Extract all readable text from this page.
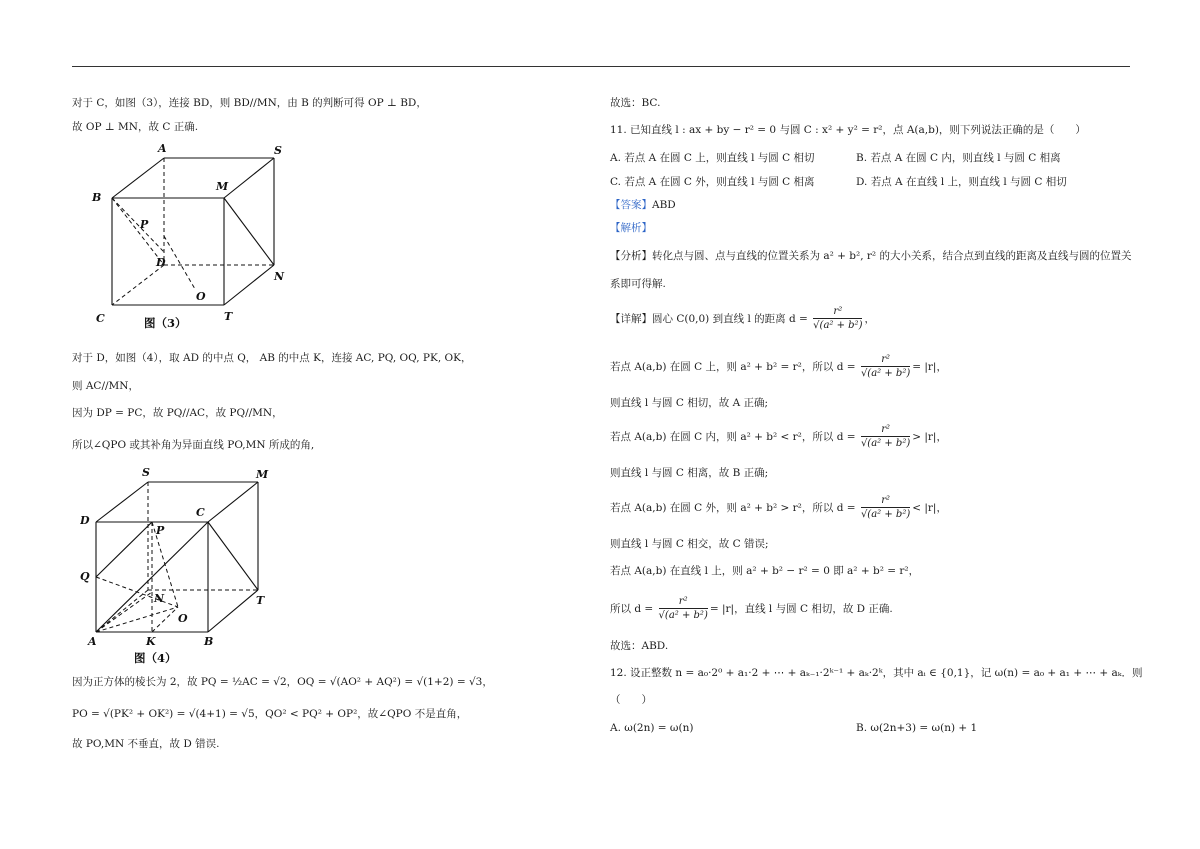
对于 C，如图（3），连接 BD，则 BD//MN，由 B 的判断可得 OP ⊥ BD，
故 OP ⊥ MN，故 C 正确.
A	S
M
B
P
D
N
O
C	T
图（3）
对于 D，如图（4），取 AD 的中点 Q， AB 的中点 K，连接 AC, PQ, OQ, PK, OK，
则 AC//MN，
因为 DP = PC，故 PQ//AC，故 PQ//MN，
所以∠QPO 或其补角为异面直线 PO,MN 所成的角,
S	M
D
C
P
Q
N	T
O
A	K	B
图（4）
因为正方体的棱长为 2，故 PQ = ½AC = √2，OQ = √(AO² + AQ²) = √(1+2) = √3，
PO = √(PK² + OK²) = √(4+1) = √5，QO² < PQ² + OP²，故∠QPO 不是直角，
故 PO,MN 不垂直，故 D 错误.
故选：BC.
11. 已知直线 l : ax + by − r² = 0 与圆 C : x² + y² = r²，点 A(a,b)，则下列说法正确的是（　　）
A. 若点 A 在圆 C 上，则直线 l 与圆 C 相切	B. 若点 A 在圆 C 内，则直线 l 与圆 C 相离
C. 若点 A 在圆 C 外，则直线 l 与圆 C 相离	D. 若点 A 在直线 l 上，则直线 l 与圆 C 相切
【答案】ABD
【解析】
【分析】转化点与圆、点与直线的位置关系为 a² + b², r² 的大小关系，结合点到直线的距离及直线与圆的位置关
系即可得解.
【详解】圆心 C(0,0) 到直线 l 的距离 $d = \frac{\text{r²}}{\text{√(a² + b²)}}$ ，
若点 A(a,b) 在圆 C 上，则 a² + b² = r²，所以 $d = \frac{\text{r²}}{\text{√(a² + b²)}} = |r|$，
则直线 l 与圆 C 相切，故 A 正确;
若点 A(a,b) 在圆 C 内，则 a² + b² < r²，所以 $d = \frac{\text{r²}}{\text{√(a² + b²)}} > |r|$，
则直线 l 与圆 C 相离，故 B 正确;
若点 A(a,b) 在圆 C 外，则 a² + b² > r²，所以 $d = \frac{\text{r²}}{\text{√(a² + b²)}} < |r|$，
则直线 l 与圆 C 相交，故 C 错误;
若点 A(a,b) 在直线 l 上，则 a² + b² − r² = 0 即 a² + b² = r²，
所以 $d = \frac{\text{r²}}{\text{√(a² + b²)}} = |r|$，直线 l 与圆 C 相切，故 D 正确.
故选：ABD.
12. 设正整数 n = a₀·2⁰ + a₁·2 + ⋯ + aₖ₋₁·2ᵏ⁻¹ + aₖ·2ᵏ，其中 aᵢ ∈ {0,1}，记 ω(n) = a₀ + a₁ + ⋯ + aₖ．则
（　　）
A. ω(2n) = ω(n)	B. ω(2n+3) = ω(n) + 1
